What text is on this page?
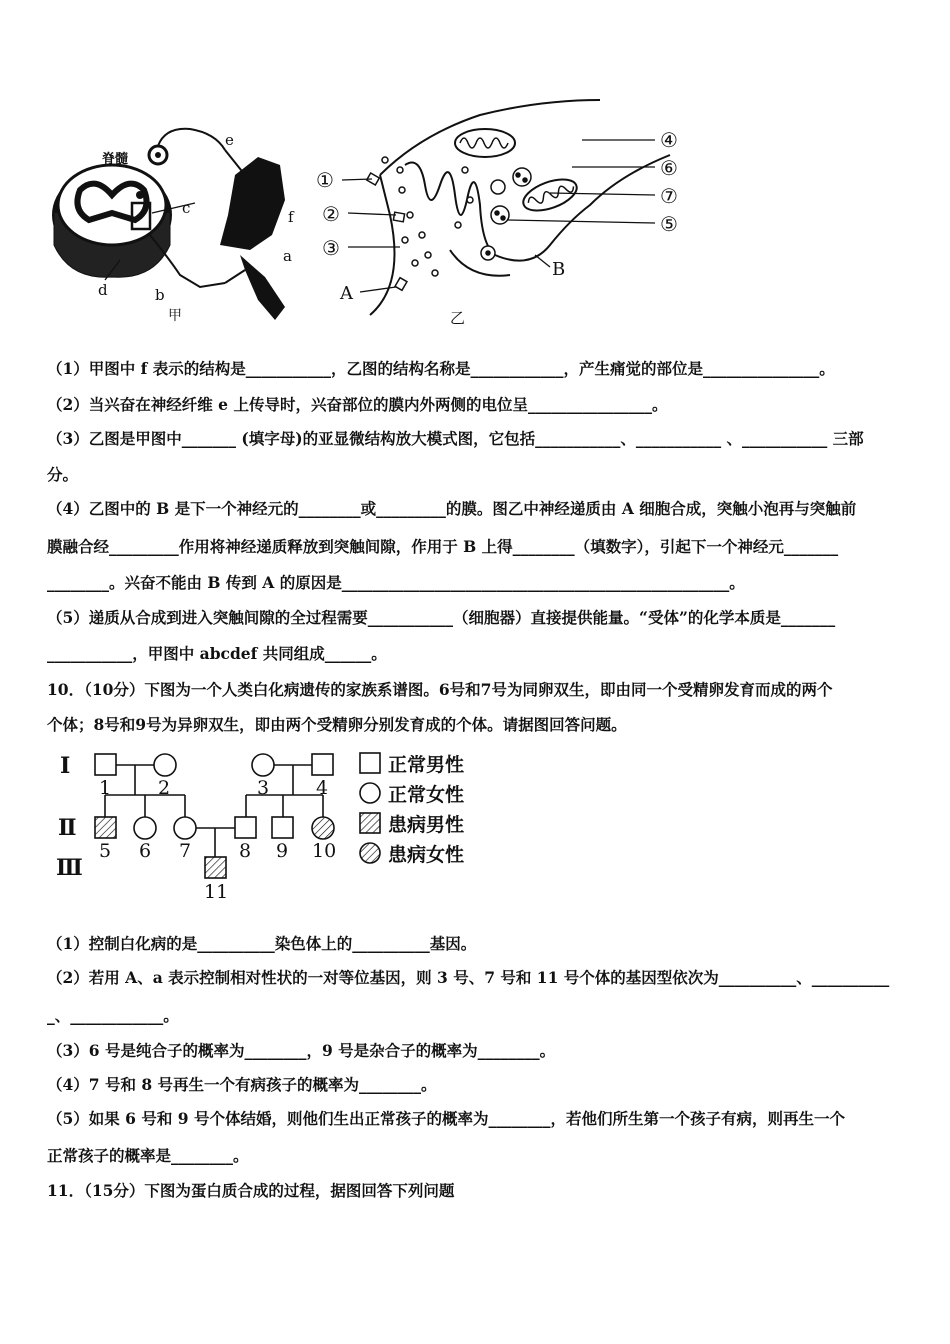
脊髓
a
b
c
d
e
f
甲
①
②
③
④
⑥
⑦
⑤
A
B
乙
（1）甲图中 f 表示的结构是___________，乙图的结构名称是____________，产生痛觉的部位是_______________。
（2）当兴奋在神经纤维 e 上传导时，兴奋部位的膜内外两侧的电位呈________________。
（3）乙图是甲图中_______ (填字母)的亚显微结构放大模式图，它包括___________、___________ 、___________ 三部
分。
（4）乙图中的 B 是下一个神经元的________或_________的膜。图乙中神经递质由 A 细胞合成，突触小泡再与突触前
膜融合经_________作用将神经递质释放到突触间隙，作用于 B 上得________（填数字），引起下一个神经元_______
________。兴奋不能由 B 传到 A 的原因是__________________________________________________。
（5）递质从合成到进入突触间隙的全过程需要___________（细胞器）直接提供能量。“受体”的化学本质是_______
___________，甲图中 abcdef 共同组成______。
10．（10分）下图为一个人类白化病遗传的家族系谱图。6号和7号为同卵双生，即由同一个受精卵发育而成的两个
个体；8号和9号为异卵双生，即由两个受精卵分别发育成的个体。请据图回答问题。
Ⅰ
Ⅱ
Ⅲ
1 2	3 4
5 6 7	8 9 10
11
正常男性
正常女性
患病男性
患病女性
（1）控制白化病的是__________染色体上的__________基因。
（2）若用 A、a 表示控制相对性状的一对等位基因，则 3 号、7 号和 11 号个体的基因型依次为__________、__________
_、____________。
（3）6 号是纯合子的概率为________，9 号是杂合子的概率为________。
（4）7 号和 8 号再生一个有病孩子的概率为________。
（5）如果 6 号和 9 号个体结婚，则他们生出正常孩子的概率为________，若他们所生第一个孩子有病，则再生一个
正常孩子的概率是________。
11．（15分）下图为蛋白质合成的过程，据图回答下列问题
